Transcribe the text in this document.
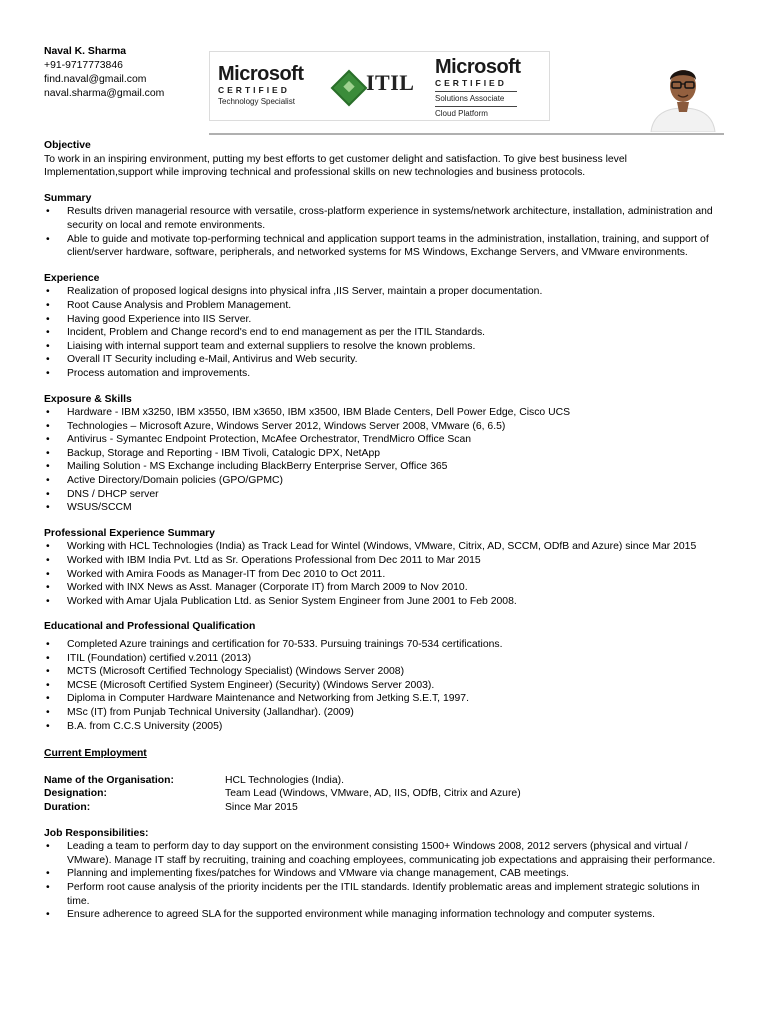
Naval K. Sharma
+91-9717773846
find.naval@gmail.com
naval.sharma@gmail.com
Microsoft
CERTIFIED
Technology Specialist
ITIL
Microsoft
CERTIFIED
Solutions Associate
Cloud Platform
Objective

To work in an inspiring environment, putting my best efforts to get customer delight and satisfaction. To give best business level Implementation,support while improving technical and professional skills on new technologies and business protocols.

Summary
• Results driven managerial resource with versatile, cross-platform experience in systems/network architecture, installation, administration and security on local and remote environments.
• Able to guide and motivate top-performing technical and application support teams in the administration, installation, training, and support of client/server hardware, software, peripherals, and networked systems for MS Windows, Exchange Servers, and VMware environments.
Experience
• Realization of proposed logical designs into physical infra ,IIS Server, maintain a proper documentation.
• Root Cause Analysis and Problem Management.
• Having good Experience into IIS Server.
• Incident, Problem and Change record's end to end management as per the ITIL Standards.
• Liaising with internal support team and external suppliers to resolve the known problems.
• Overall IT Security including e-Mail, Antivirus and Web security.
• Process automation and improvements.
Exposure & Skills
• Hardware - IBM x3250, IBM x3550, IBM x3650, IBM x3500, IBM Blade Centers, Dell Power Edge, Cisco UCS
• Technologies – Microsoft Azure, Windows Server 2012, Windows Server 2008, VMware (6, 6.5)
• Antivirus - Symantec Endpoint Protection, McAfee Orchestrator, TrendMicro Office Scan
• Backup, Storage and Reporting - IBM Tivoli, Catalogic DPX, NetApp
• Mailing Solution - MS Exchange including BlackBerry Enterprise Server, Office 365
• Active Directory/Domain policies (GPO/GPMC)
• DNS / DHCP server
• WSUS/SCCM
Professional Experience Summary
• Working with HCL Technologies (India) as Track Lead for Wintel (Windows, VMware, Citrix, AD, SCCM, ODfB and Azure) since Mar 2015
• Worked with IBM India Pvt. Ltd as Sr. Operations Professional from Dec 2011 to Mar 2015
• Worked with Amira Foods as Manager-IT from Dec 2010 to Oct 2011.
• Worked with INX News as Asst. Manager (Corporate IT) from March 2009 to Nov 2010.
• Worked with Amar Ujala Publication Ltd. as Senior System Engineer from June 2001 to Feb 2008.
Educational and Professional Qualification
• Completed Azure trainings and certification for 70-533. Pursuing trainings 70-534 certifications.
• ITIL (Foundation) certified v.2011 (2013)
• MCTS (Microsoft Certified Technology Specialist) (Windows Server 2008)
• MCSE (Microsoft Certified System Engineer) (Security) (Windows Server 2003).
• Diploma in Computer Hardware Maintenance and Networking from Jetking S.E.T, 1997.
• MSc (IT) from Punjab Technical University (Jallandhar). (2009)
• B.A. from C.C.S University (2005)
Current Employment
Name of the Organisation:	HCL Technologies (India).
Designation:	Team Lead (Windows, VMware, AD, IIS, ODfB, Citrix and Azure)
Duration:	Since Mar 2015
Job Responsibilities:
• Leading a team to perform day to day support on the environment consisting 1500+ Windows 2008, 2012 servers (physical and virtual / VMware). Manage IT staff by recruiting, training and coaching employees, communicating job expectations and appraising their performance.
• Planning and implementing fixes/patches for Windows and VMware via change management, CAB meetings.
• Perform root cause analysis of the priority incidents per the ITIL standards. Identify problematic areas and implement strategic solutions in time.
• Ensure adherence to agreed SLA for the supported environment while managing information technology and computer systems.
